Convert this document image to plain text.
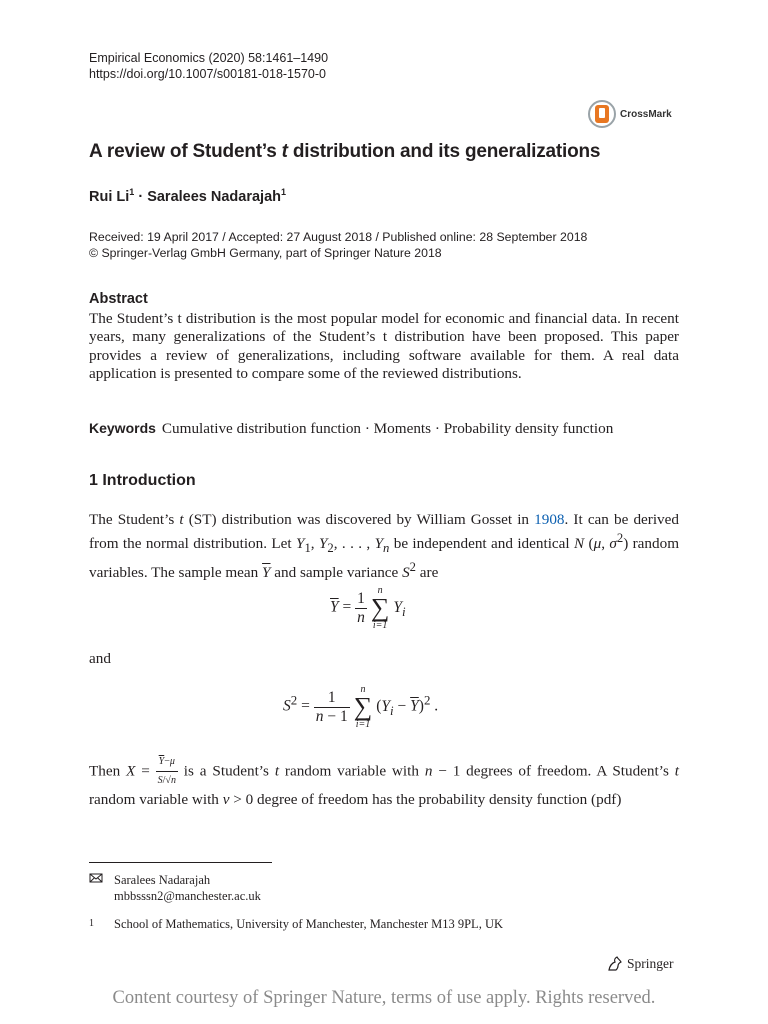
Empirical Economics (2020) 58:1461–1490
https://doi.org/10.1007/s00181-018-1570-0
CrossMark
A review of Student’s t distribution and its generalizations
Rui $Li^1$ · Saralees Nadarajah$^1$
Received: 19 April 2017 / Accepted: 27 August 2018 / Published online: 28 September 2018
© Springer-Verlag GmbH Germany, part of Springer Nature 2018
Abstract
The Student’s t distribution is the most popular model for economic and financial data. In recent years, many generalizations of the Student’s t distribution have been proposed. This paper provides a review of generalizations, including software available for them. A real data application is presented to compare some of the reviewed distributions.
Keywords Cumulative distribution function · Moments · Probability density function
1 Introduction
The Student’s t (ST) distribution was discovered by William Gosset in 1908. It can be derived from the normal distribution. Let $Y_1$, $Y_2$, . . . , $Y_n$ be independent and identical N (μ, $\sigma^2$) random variables. The sample mean $\overline{Y}$ and sample variance $S^2$ are
$\overline{Y} = \frac{1}{n}$	n
∑
i=1
$Y_i$
and
$S^2 = \frac{1}{n - 1}$	n
∑
i=1
$(Y_i - \overline{Y})^2$ .
Then $X = \frac{\overline{Y}-\mu}{S/√n}$ is a Student’s t random variable with n − 1 degrees of freedom. A Student’s t random variable with ν > 0 degree of freedom has the probability density function (pdf)
Saralees Nadarajah
mbbsssn2@manchester.ac.uk
1 School of Mathematics, University of Manchester, Manchester M13 9PL, UK
Springer
Content courtesy of Springer Nature, terms of use apply. Rights reserved.
